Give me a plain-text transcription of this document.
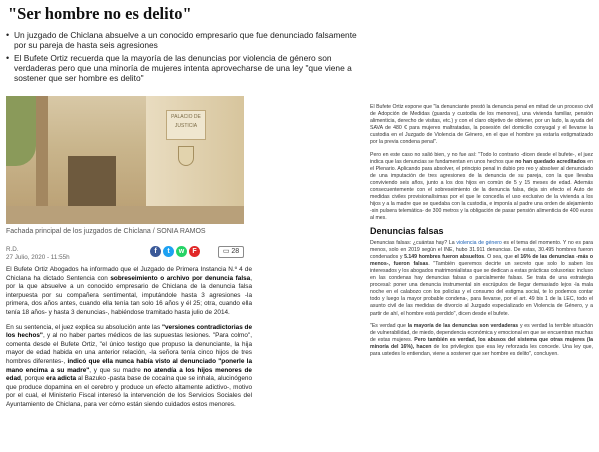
"Ser hombre no es delito"
• Un juzgado de Chiclana absuelve a un conocido empresario que fue denunciado falsamente por su pareja de hasta seis agresiones
• El Bufete Ortiz recuerda que la mayoría de las denuncias por violencia de género son verdaderas pero que una minoría de mujeres intenta aprovecharse de una ley "que viene a sostener que ser hombre es delito"
PALACIO DE JUSTICIA
Fachada principal de los juzgados de Chiclana / SONIA RAMOS
R.D.
27 Julio, 2020 - 11:55h
f	t	w	F	▭ 28

El Bufete Ortiz Abogados ha informado que el Juzgado de Primera Instancia N.º 4 de Chiclana ha dictado Sentencia con sobreseimiento o archivo por denuncia falsa, por la que absuelve a un conocido empresario de Chiclana de la denuncia falsa interpuesta por su compañera sentimental, imputándole hasta 3 agresiones -la primera, dos años antes, cuando ella tenía tan solo 16 años y él 25; otra, cuando ella tenía 18 años- y hasta 3 denuncias-, habiéndose tramitado hasta julio de 2014.

En su sentencia, el juez explica su absolución ante las "versiones contradictorias de los hechos", y al no haber partes médicos de las supuestas lesiones. "Para colmo", comenta desde el Bufete Ortiz, "el único testigo que propuso la denunciante, la hija mayor de edad habida en una anterior relación, -la señora tenía cinco hijos de tres hombres diferentes-, indicó que ella nunca había visto al denunciado "ponerle la mano encima a su madre", y que su madre no atendía a los hijos menores de edad, porque era adicta al Bazuko -pasta base de cocaína que se inhala, alucinógeno que produce dopamina en el cerebro y produce un efecto altamente adictivo-, motivo por el cual, el Ministerio Fiscal interesó la intervención de los Servicios Sociales del Ayuntamiento de Chiclana, para ver cómo están siendo cuidados estos menores.

El Bufete Ortiz expone que "la denunciante prestó la denuncia penal en mitad de un proceso civil de Adopción de Medidas (guarda y custodia de los menores), una vivienda familiar, pensión alimenticia, derecho de visitas, etc.) y con el claro objetivo de obtener, por un lado, la ayuda del SAVA de 480 € para mujeres maltratadas, la posesión del domicilio conyugal y el llevarse la custodia en el Juzgado de Violencia de Género, en el que el hombre ya estaría estigmatizado por la previa condena penal".

Pero en este caso no salió bien, y no fue así: "Todo lo contrario -dicen desde el bufete-, el juez indica que las denuncias se fundamentan en unos hechos que no han quedado acreditados en el Plenario. Aplicando para absolver, el principio penal in dubio pro reo y absolver al denunciado de una imputación de tres agresiones de la denuncia de su pareja, con la que llevaba conviviendo seis años, junto a los dos hijos en común de 5 y 15 meses de edad. Además consecuentemente con el sobreseimiento de la denuncia falsa, deja sin efecto el Auto de medidas civiles provisionalísimas por el que le concedía el uso exclusivo de la vivienda a los hijos y a la madre que se quedaba con la custodia, e imponía al padre una orden de alejamiento -sin pulsera telemática- de 300 metros y la obligación de pasar pensión alimenticia de 400 euros al mes.

Denuncias falsas

Denuncias falsas: ¿cuántas hay? La violencia de género es el tema del momento. Y no es para menos, solo en 2019 según el INE, hubo 31.911 denuncias. De estas, 30.495 hombres fueron condenados y 5.149 hombres fueron absueltos. O sea, que el 16% de las denuncias -más o menos-, fueron falsas. "También queremos decirte un secreto que solo lo saben los interesados y los abogados matrimonialistas que se dedican a estas prácticas colusorias: incluso en las condenas hay denuncias falsas o parcialmente falsas. Se trata de una estrategia procesal: poner una denuncia instrumental sin escrúpulos de llegar demasiado lejos -la mala noche en el calabozo con los policías y el consumo del estigma social, te lo podemos contar todo y luego la mayor probable condena-, para llevarse, por el art. 49 bis 1 de la LEC, todo el asunto civil de las medidas de divorcio al Juzgado especializado en Violencia de Género, y a partir de ahí, el hombre está perdido", dicen desde el bufete.

"Es verdad que la mayoría de las denuncias son verdaderas y es verdad la terrible situación de vulnerabilidad, de miedo, dependencia económica y emocional en que se encuentran muchas de estas mujeres. Pero también es verdad, los abusos del sistema que otras mujeres (la minoría del 16%), hacen de los privilegios que esa ley reforzada les concede. Una ley que, para ustedes lo entiendan, viene a sostener que ser hombre es delito", concluyen.
